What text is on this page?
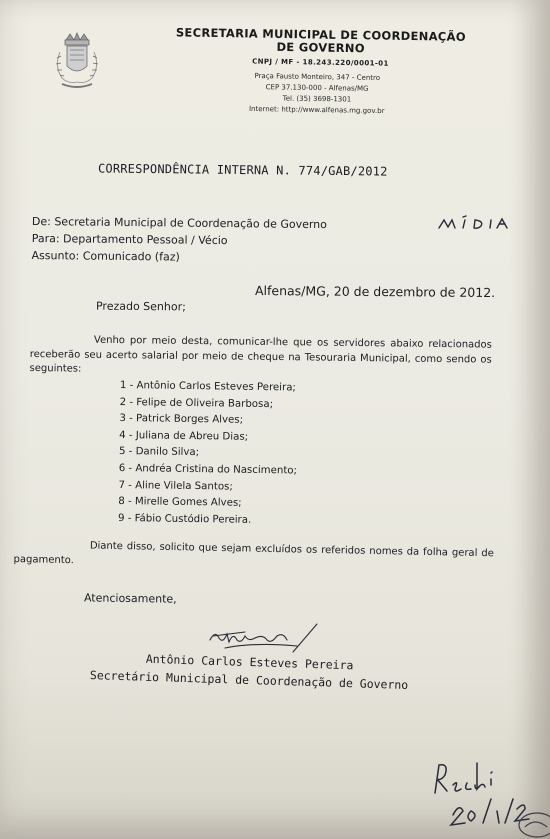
SECRETARIA MUNICIPAL DE COORDENAÇÃO
DE GOVERNO
CNPJ / MF - 18.243.220/0001-01
Praça Fausto Monteiro, 347 - Centro
CEP 37.130-000 - Alfenas/MG
Tel. (35) 3698-1301
Internet: http://www.alfenas.mg.gov.br
CORRESPONDÊNCIA INTERNA N. 774/GAB/2012
De: Secretaria Municipal de Coordenação de Governo
Para: Departamento Pessoal / Vécio
Assunto: Comunicado (faz)
Alfenas/MG, 20 de dezembro de 2012.
Prezado Senhor;
Venho por meio desta, comunicar-lhe que os servidores abaixo relacionados receberão seu acerto salarial por meio de cheque na Tesouraria Municipal, como sendo os seguintes:
1 - Antônio Carlos Esteves Pereira;
2 - Felipe de Oliveira Barbosa;
3 - Patrick Borges Alves;
4 - Juliana de Abreu Dias;
5 - Danilo Silva;
6 - Andréa Cristina do Nascimento;
7 - Aline Vilela Santos;
8 - Mirelle Gomes Alves;
9 - Fábio Custódio Pereira.
Diante disso, solicito que sejam excluídos os referidos nomes da folha geral de pagamento.
Atenciosamente,
Antônio Carlos Esteves Pereira
Secretário Municipal de Coordenação de Governo
